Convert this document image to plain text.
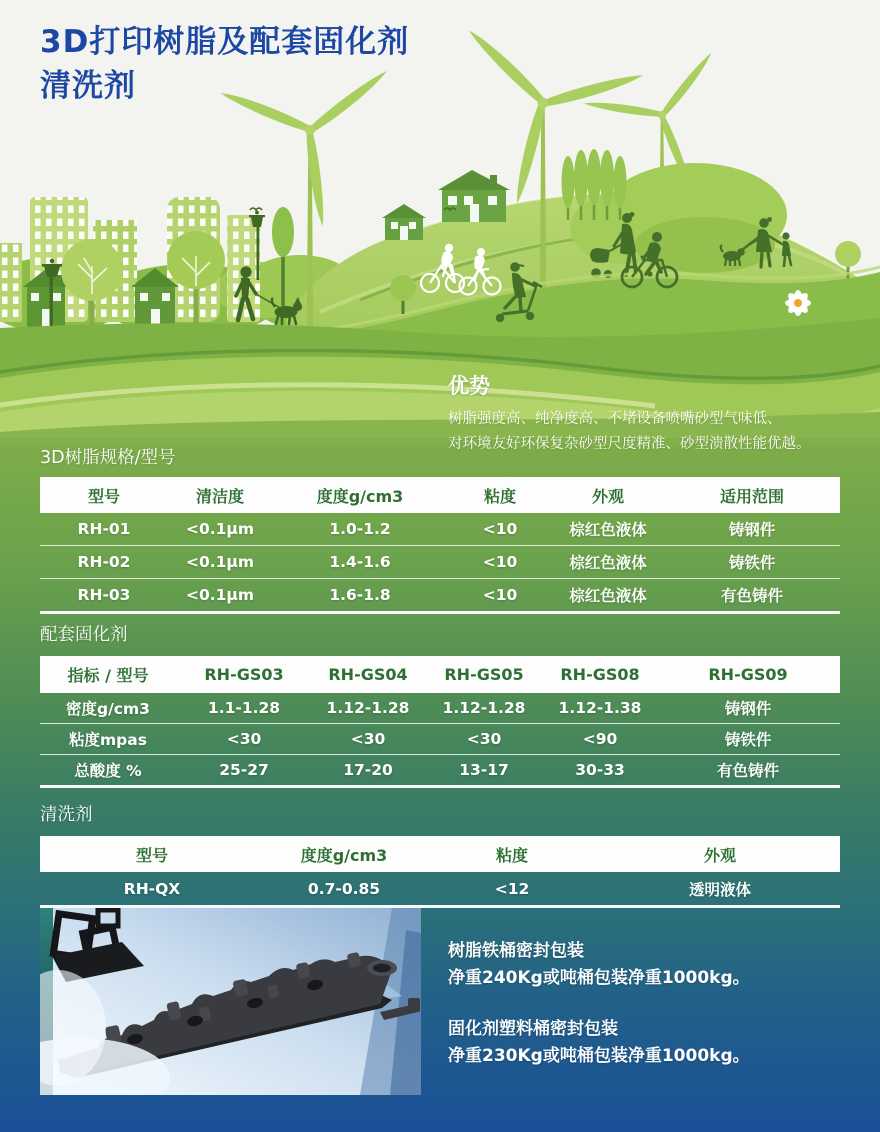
3D打印树脂及配套固化剂
清洗剂
优势
树脂强度高、纯净度高、不堵设备喷嘴砂型气味低、
对环境友好环保复杂砂型尺度精准、砂型溃散性能优越。
3D树脂规格/型号
型号	清洁度	度度g/cm3	粘度	外观	适用范围
RH-01	<0.1μm	1.0-1.2	<10	棕红色液体	铸钢件
RH-02	<0.1μm	1.4-1.6	<10	棕红色液体	铸铁件
RH-03	<0.1μm	1.6-1.8	<10	棕红色液体	有色铸件
配套固化剂
指标 / 型号	RH-GS03	RH-GS04	RH-GS05	RH-GS08	RH-GS09
密度g/cm3	1.1-1.28	1.12-1.28	1.12-1.28	1.12-1.38	铸钢件
粘度mpas	<30	<30	<30	<90	铸铁件
总酸度 %	25-27	17-20	13-17	30-33	有色铸件
清洗剂
型号	度度g/cm3	粘度	外观
RH-QX	0.7-0.85	<12	透明液体
树脂铁桶密封包装
净重240Kg或吨桶包装净重1000kg。
固化剂塑料桶密封包装
净重230Kg或吨桶包装净重1000kg。
